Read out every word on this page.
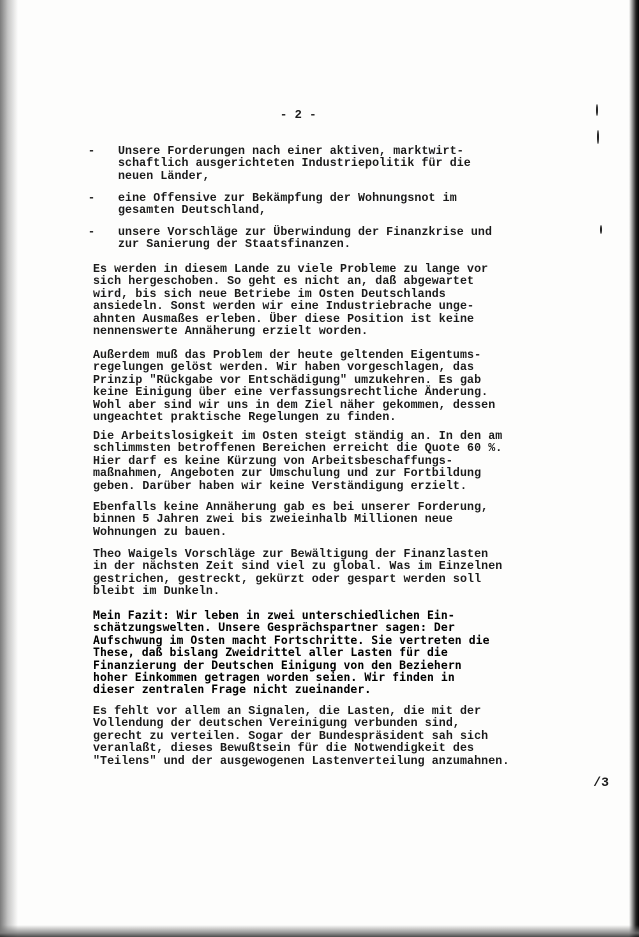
- 2 -
- Unsere Forderungen nach einer aktiven, marktwirt-
schaftlich ausgerichteten Industriepolitik für die
neuen Länder,
- eine Offensive zur Bekämpfung der Wohnungsnot im
gesamten Deutschland,
- unsere Vorschläge zur Überwindung der Finanzkrise und
zur Sanierung der Staatsfinanzen.
Es werden in diesem Lande zu viele Probleme zu lange vor
sich hergeschoben. So geht es nicht an, daß abgewartet
wird, bis sich neue Betriebe im Osten Deutschlands
ansiedeln. Sonst werden wir eine Industriebrache unge-
ahnten Ausmaßes erleben. Über diese Position ist keine
nennenswerte Annäherung erzielt worden.
Außerdem muß das Problem der heute geltenden Eigentums-
regelungen gelöst werden. Wir haben vorgeschlagen, das
Prinzip "Rückgabe vor Entschädigung" umzukehren. Es gab
keine Einigung über eine verfassungsrechtliche Änderung.
Wohl aber sind wir uns in dem Ziel näher gekommen, dessen
ungeachtet praktische Regelungen zu finden.
Die Arbeitslosigkeit im Osten steigt ständig an. In den am
schlimmsten betroffenen Bereichen erreicht die Quote 60 %.
Hier darf es keine Kürzung von Arbeitsbeschaffungs-
maßnahmen, Angeboten zur Umschulung und zur Fortbildung
geben. Darüber haben wir keine Verständigung erzielt.
Ebenfalls keine Annäherung gab es bei unserer Forderung,
binnen 5 Jahren zwei bis zweieinhalb Millionen neue
Wohnungen zu bauen.
Theo Waigels Vorschläge zur Bewältigung der Finanzlasten
in der nächsten Zeit sind viel zu global. Was im Einzelnen
gestrichen, gestreckt, gekürzt oder gespart werden soll
bleibt im Dunkeln.
Mein Fazit: Wir leben in zwei unterschiedlichen Ein-
schätzungswelten. Unsere Gesprächspartner sagen: Der
Aufschwung im Osten macht Fortschritte. Sie vertreten die
These, daß bislang Zweidrittel aller Lasten für die
Finanzierung der Deutschen Einigung von den Beziehern
hoher Einkommen getragen worden seien. Wir finden in
dieser zentralen Frage nicht zueinander.
Es fehlt vor allem an Signalen, die Lasten, die mit der
Vollendung der deutschen Vereinigung verbunden sind,
gerecht zu verteilen. Sogar der Bundespräsident sah sich
veranlaßt, dieses Bewußtsein für die Notwendigkeit des
"Teilens" und der ausgewogenen Lastenverteilung anzumahnen.
/3
